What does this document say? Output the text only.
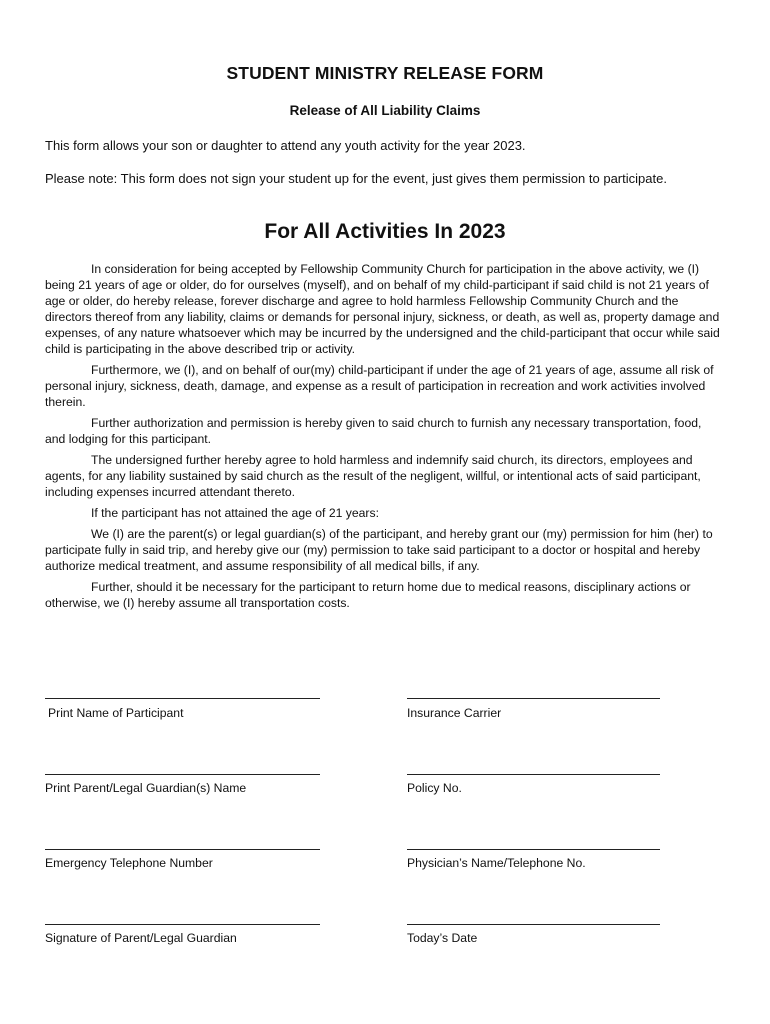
STUDENT MINISTRY RELEASE FORM
Release of All Liability Claims
This form allows your son or daughter to attend any youth activity for the year 2023.
Please note: This form does not sign your student up for the event, just gives them permission to participate.
For All Activities In 2023

In consideration for being accepted by Fellowship Community Church for participation in the above activity, we (I) being 21 years of age or older, do for ourselves (myself), and on behalf of my child-participant if said child is not 21 years of age or older, do hereby release, forever discharge and agree to hold harmless Fellowship Community Church and the directors thereof from any liability, claims or demands for personal injury, sickness, or death, as well as, property damage and expenses, of any nature whatsoever which may be incurred by the undersigned and the child-participant that occur while said child is participating in the above described trip or activity.

Furthermore, we (I), and on behalf of our(my) child-participant if under the age of 21 years of age, assume all risk of personal injury, sickness, death, damage, and expense as a result of participation in recreation and work activities involved therein.

Further authorization and permission is hereby given to said church to furnish any necessary transportation, food, and lodging for this participant.

The undersigned further hereby agree to hold harmless and indemnify said church, its directors, employees and agents, for any liability sustained by said church as the result of the negligent, willful, or intentional acts of said participant, including expenses incurred attendant thereto.

If the participant has not attained the age of 21 years:

We (I) are the parent(s) or legal guardian(s) of the participant, and hereby grant our (my) permission for him (her) to participate fully in said trip, and hereby give our (my) permission to take said participant to a doctor or hospital and hereby authorize medical treatment, and assume responsibility of all medical bills, if any.

Further, should it be necessary for the participant to return home due to medical reasons, disciplinary actions or otherwise, we (I) hereby assume all transportation costs.

Print Name of Participant	Insurance Carrier
Print Parent/Legal Guardian(s) Name	Policy No.
Emergency Telephone Number	Physician’s Name/Telephone No.
Signature of Parent/Legal Guardian	Today’s Date
